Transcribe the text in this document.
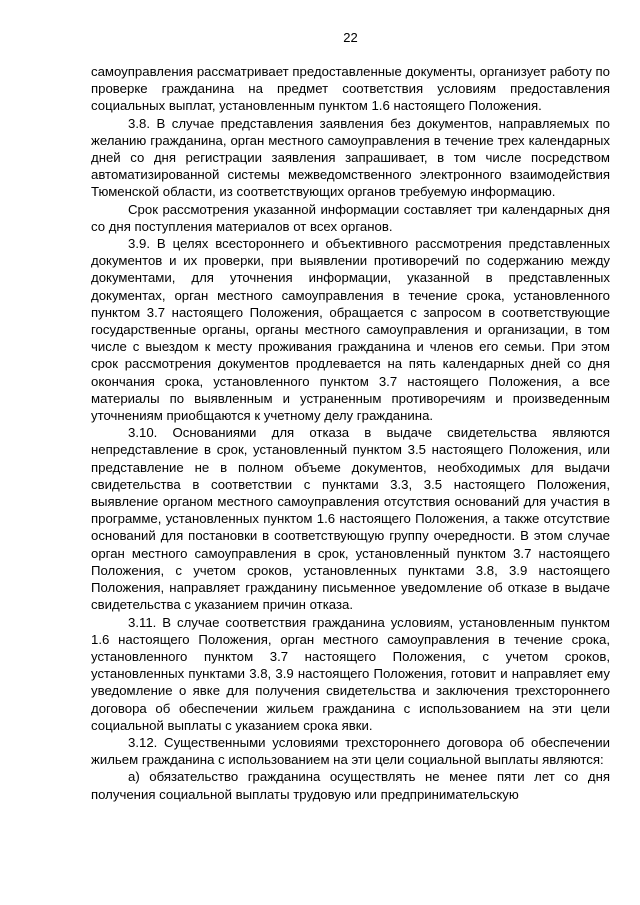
22

самоуправления рассматривает предоставленные документы, организует работу по проверке гражданина на предмет соответствия условиям предоставления социальных выплат, установленным пунктом 1.6 настоящего Положения.

3.8. В случае представления заявления без документов, направляемых по желанию гражданина, орган местного самоуправления в течение трех календарных дней со дня регистрации заявления запрашивает, в том числе посредством автоматизированной системы межведомственного электронного взаимодействия Тюменской области, из соответствующих органов требуемую информацию.

Срок рассмотрения указанной информации составляет три календарных дня со дня поступления материалов от всех органов.

3.9. В целях всестороннего и объективного рассмотрения представленных документов и их проверки, при выявлении противоречий по содержанию между документами, для уточнения информации, указанной в представленных документах, орган местного самоуправления в течение срока, установленного пунктом 3.7 настоящего Положения, обращается с запросом в соответствующие государственные органы, органы местного самоуправления и организации, в том числе с выездом к месту проживания гражданина и членов его семьи. При этом срок рассмотрения документов продлевается на пять календарных дней со дня окончания срока, установленного пунктом 3.7 настоящего Положения, а все материалы по выявленным и устраненным противоречиям и произведенным уточнениям приобщаются к учетному делу гражданина.

3.10. Основаниями для отказа в выдаче свидетельства являются непредставление в срок, установленный пунктом 3.5 настоящего Положения, или представление не в полном объеме документов, необходимых для выдачи свидетельства в соответствии с пунктами 3.3, 3.5 настоящего Положения, выявление органом местного самоуправления отсутствия оснований для участия в программе, установленных пунктом 1.6 настоящего Положения, а также отсутствие оснований для постановки в соответствующую группу очередности. В этом случае орган местного самоуправления в срок, установленный пунктом 3.7 настоящего Положения, с учетом сроков, установленных пунктами 3.8, 3.9 настоящего Положения, направляет гражданину письменное уведомление об отказе в выдаче свидетельства с указанием причин отказа.

3.11. В случае соответствия гражданина условиям, установленным пунктом 1.6 настоящего Положения, орган местного самоуправления в течение срока, установленного пунктом 3.7 настоящего Положения, с учетом сроков, установленных пунктами 3.8, 3.9 настоящего Положения, готовит и направляет ему уведомление о явке для получения свидетельства и заключения трехстороннего договора об обеспечении жильем гражданина с использованием на эти цели социальной выплаты с указанием срока явки.

3.12. Существенными условиями трехстороннего договора об обеспечении жильем гражданина с использованием на эти цели социальной выплаты являются:

а) обязательство гражданина осуществлять не менее пяти лет со дня получения социальной выплаты трудовую или предпринимательскую
